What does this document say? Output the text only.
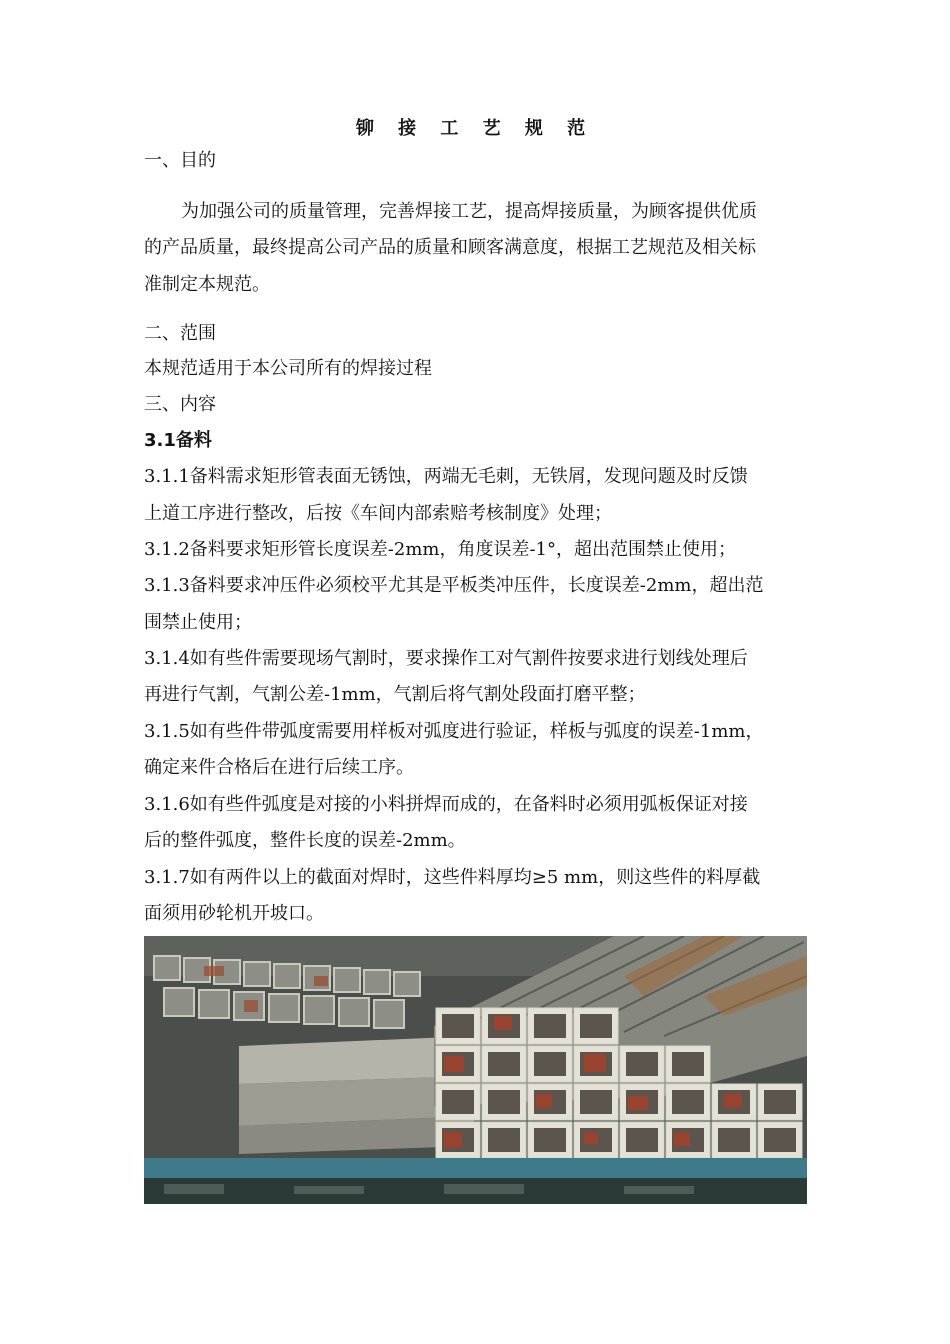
铆 接 工 艺 规 范
一、目的
为加强公司的质量管理，完善焊接工艺，提高焊接质量，为顾客提供优质
的产品质量，最终提高公司产品的质量和顾客满意度，根据工艺规范及相关标
准制定本规范。
二、范围
本规范适用于本公司所有的焊接过程
三、内容
3.1备料
3.1.1备料需求矩形管表面无锈蚀，两端无毛刺，无铁屑，发现问题及时反馈
上道工序进行整改，后按《车间内部索赔考核制度》处理；
3.1.2备料要求矩形管长度误差-2mm，角度误差-1°，超出范围禁止使用；
3.1.3备料要求冲压件必须校平尤其是平板类冲压件，长度误差-2mm，超出范
围禁止使用；
3.1.4如有些件需要现场气割时，要求操作工对气割件按要求进行划线处理后
再进行气割，气割公差-1mm，气割后将气割处段面打磨平整；
3.1.5如有些件带弧度需要用样板对弧度进行验证，样板与弧度的误差-1mm，
确定来件合格后在进行后续工序。
3.1.6如有些件弧度是对接的小料拼焊而成的，在备料时必须用弧板保证对接
后的整件弧度，整件长度的误差-2mm。
3.1.7如有两件以上的截面对焊时，这些件料厚均≥5 mm，则这些件的料厚截
面须用砂轮机开坡口。
